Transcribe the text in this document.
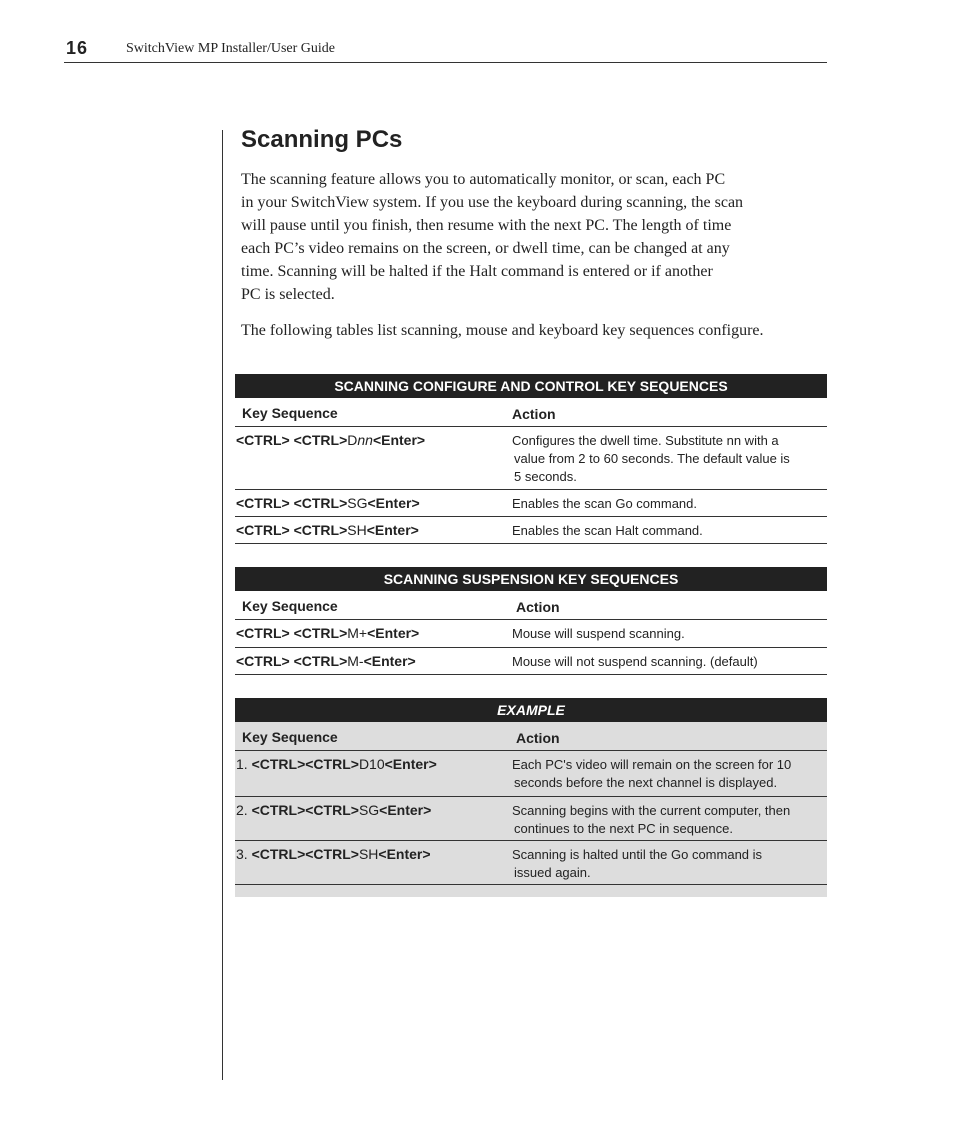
16	SwitchView MP Installer/User Guide
Scanning PCs

The scanning feature allows you to automatically monitor, or scan, each PC
in your SwitchView system. If you use the keyboard during scanning, the scan
will pause until you finish, then resume with the next PC. The length of time
each PC’s video remains on the screen, or dwell time, can be changed at any
time. Scanning will be halted if the Halt command is entered or if another
PC is selected.

The following tables list scanning, mouse and keyboard key sequences configure.

SCANNING CONFIGURE AND CONTROL KEY SEQUENCES
Key Sequence	Action
<CTRL> <CTRL>Dnn<Enter>	Configures the dwell time. Substitute nn with a
value from 2 to 60 seconds. The default value is
5 seconds.
<CTRL> <CTRL>SG<Enter>	Enables the scan Go command.
<CTRL> <CTRL>SH<Enter>	Enables the scan Halt command.
SCANNING SUSPENSION KEY SEQUENCES
Key Sequence	Action
<CTRL> <CTRL>M+<Enter>	Mouse will suspend scanning.
<CTRL> <CTRL>M-<Enter>	Mouse will not suspend scanning. (default)
EXAMPLE
Key Sequence	Action
1. <CTRL><CTRL>D10<Enter>	Each PC's video will remain on the screen for 10
seconds before the next channel is displayed.
2. <CTRL><CTRL>SG<Enter>	Scanning begins with the current computer, then
continues to the next PC in sequence.
3. <CTRL><CTRL>SH<Enter>	Scanning is halted until the Go command is
issued again.
